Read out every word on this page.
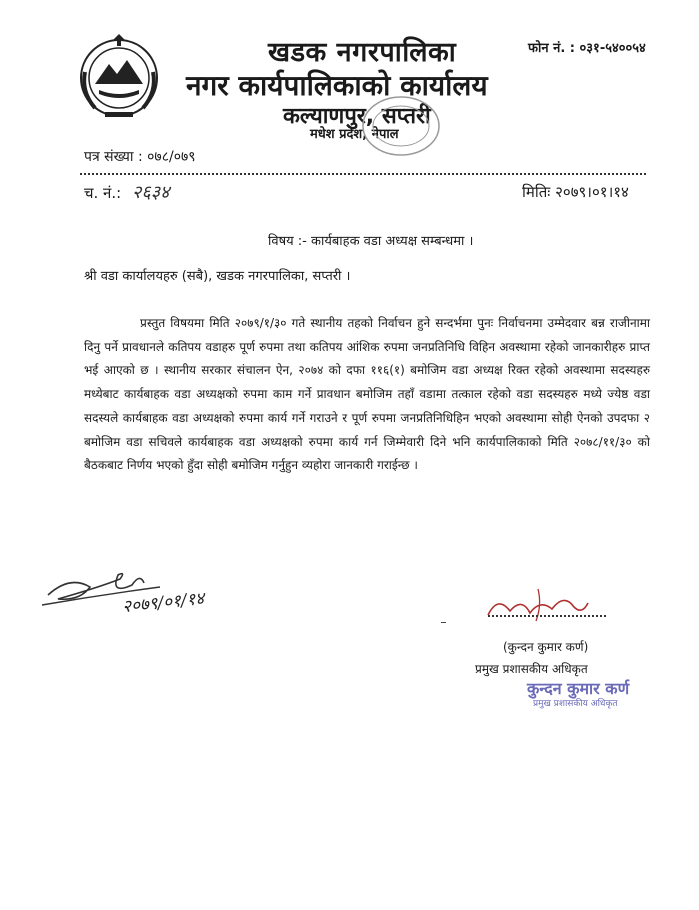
खडक नगरपालिका
नगर कार्यपालिकाको कार्यालय
कल्याणपुर, सप्तरी
मधेश प्रदेश, नेपाल
फोन नं. : ०३१-५४००५४
पत्र संख्या : ०७८/०७९
च. नं.: २६३४	मितिः २०७९।०१।१४
विषय :- कार्यबाहक वडा अध्यक्ष सम्बन्धमा ।
श्री वडा कार्यालयहरु (सबै), खडक नगरपालिका, सप्तरी ।

प्रस्तुत विषयमा मिति २०७९/१/३० गते स्थानीय तहको निर्वाचन हुने सन्दर्भमा पुनः निर्वाचनमा उम्मेदवार बन्न राजीनामा दिनु पर्ने प्रावधानले कतिपय वडाहरु पूर्ण रुपमा तथा कतिपय आंशिक रुपमा जनप्रतिनिधि विहिन अवस्थामा रहेको जानकारीहरु प्राप्त भई आएको छ । स्थानीय सरकार संचालन ऐन, २०७४ को दफा ११६(१) बमोजिम वडा अध्यक्ष रिक्त रहेको अवस्थामा सदस्यहरु मध्येबाट कार्यबाहक वडा अध्यक्षको रुपमा काम गर्ने प्रावधान बमोजिम तहाँ वडामा तत्काल रहेको वडा सदस्यहरु मध्ये ज्येष्ठ वडा सदस्यले कार्यबाहक वडा अध्यक्षको रुपमा कार्य गर्ने गराउने र पूर्ण रुपमा जनप्रतिनिधिहिन भएको अवस्थामा सोही ऐनको उपदफा २ बमोजिम वडा सचिवले कार्यबाहक वडा अध्यक्षको रुपमा कार्य गर्न जिम्मेवारी दिने भनि कार्यपालिकाको मिति २०७८/११/३० को बैठकबाट निर्णय भएको हुँदा सोही बमोजिम गर्नुहुन व्यहोरा जानकारी गराईन्छ ।

२०७९/०१/१४
(कुन्दन कुमार कर्ण)
प्रमुख प्रशासकीय अधिकृत
कुन्दन कुमार कर्ण
प्रमुख प्रशासकीय अधिकृत
